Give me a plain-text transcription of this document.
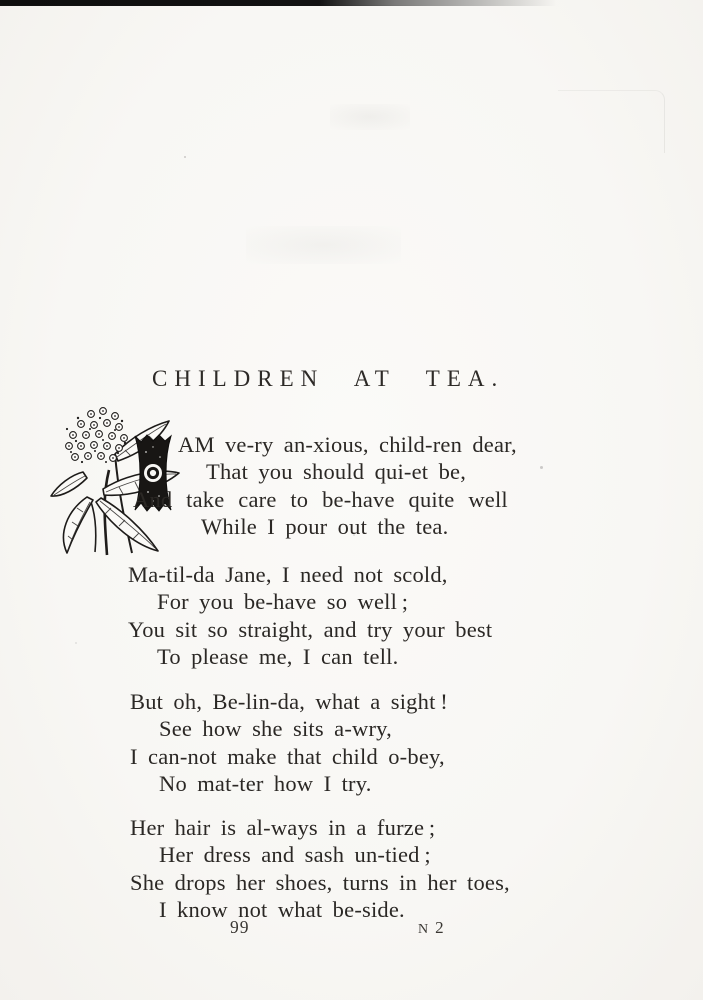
CHILDREN AT TEA.
AM ve-ry an-xious, child-ren dear,
That you should qui-et be,
And take care to be-have quite well
While I pour out the tea.
Ma-til-da Jane, I need not scold,
For you be-have so well ;
You sit so straight, and try your best
To please me, I can tell.
But oh, Be-lin-da, what a sight !
See how she sits a-wry,
I can-not make that child o-bey,
No mat-ter how I try.
Her hair is al-ways in a furze ;
Her dress and sash un-tied ;
She drops her shoes, turns in her toes,
I know not what be-side.
99	N 2
